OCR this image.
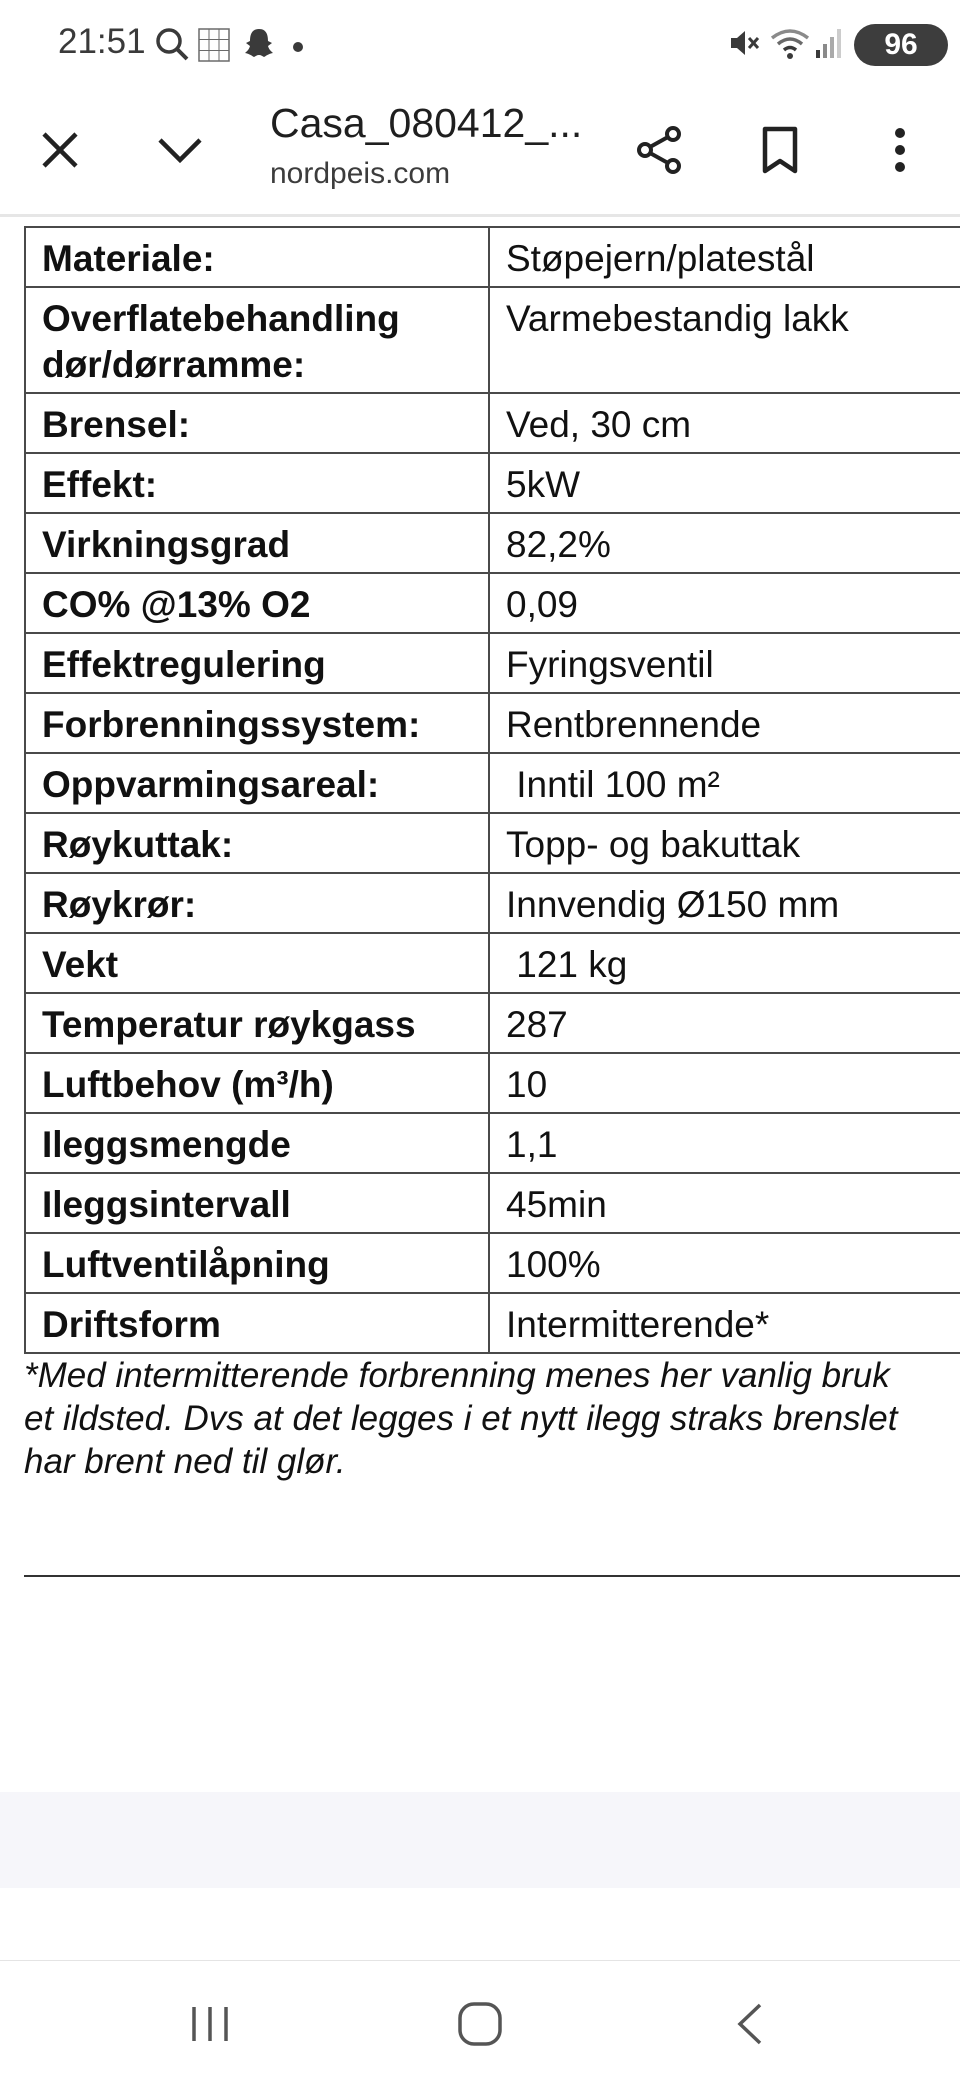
21:51	96
Casa_080412_...
nordpeis.com
Materiale:	Støpejern/platestål
Overflatebehandling dør/dørramme:	Varmebestandig lakk
Brensel:	Ved, 30 cm
Effekt:	5kW
Virkningsgrad	82,2%
CO% @13% O2	0,09
Effektregulering	Fyringsventil
Forbrenningssystem:	Rentbrennende
Oppvarmingsareal:	Inntil 100 m²
Røykuttak:	Topp- og bakuttak
Røykrør:	Innvendig Ø150 mm
Vekt	121 kg
Temperatur røykgass	287
Luftbehov (m³/h)	10
Ileggsmengde	1,1
Ileggsintervall	45min
Luftventilåpning	100%
Driftsform	Intermitterende*
*Med intermitterende forbrenning menes her vanlig bruk
et ildsted. Dvs at det legges i et nytt ilegg straks brenslet
har brent ned til glør.
